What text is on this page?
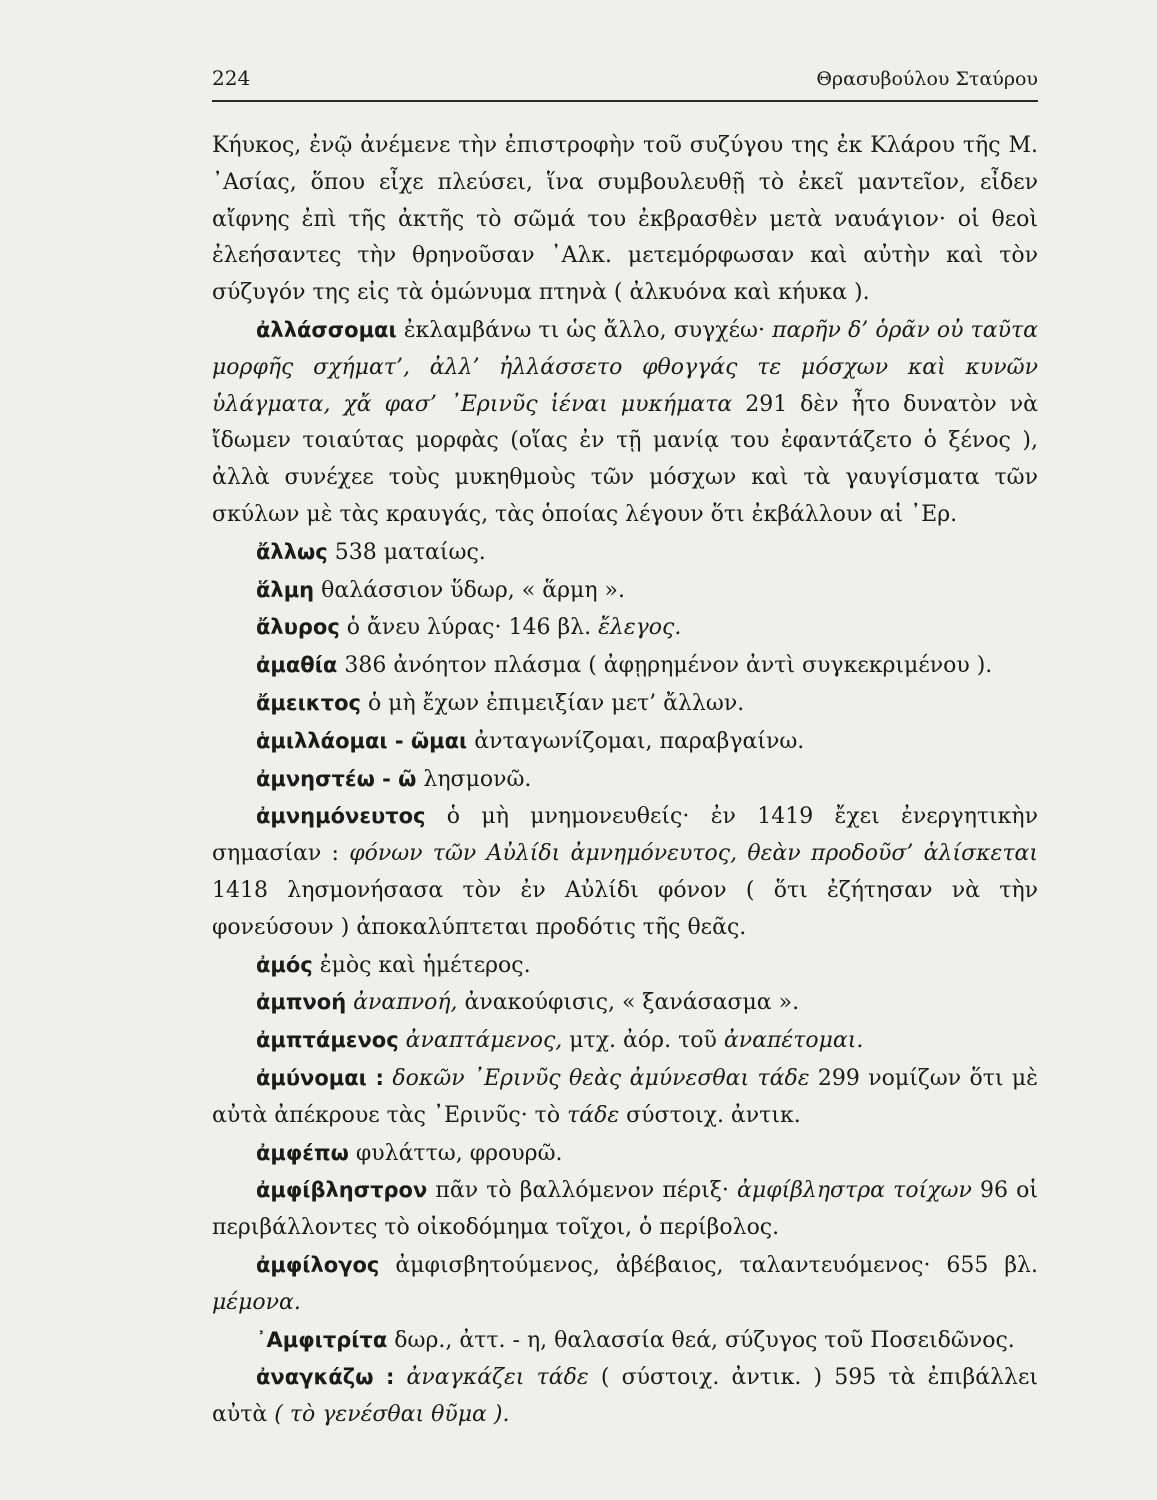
224	Θρασυβούλου Σταύρου

Κήυκος, ἐνῷ ἀνέμενε τὴν ἐπιστροφὴν τοῦ συζύγου της ἐκ Κλάρου τῆς Μ. ᾿Ασίας, ὅπου εἶχε πλεύσει, ἵνα συμβουλευθῇ τὸ ἐκεῖ μαντεῖον, εἶδεν αἴφνης ἐπὶ τῆς ἀκτῆς τὸ σῶμά του ἐκβρασθὲν μετὰ ναυάγιον· οἱ θεοὶ ἐλεήσαντες τὴν θρηνοῦσαν ᾿Αλκ. μετεμόρφωσαν καὶ αὐτὴν καὶ τὸν σύζυγόν της εἰς τὰ ὁμώνυμα πτηνὰ ( ἀλκυόνα καὶ κήυκα ).

ἀλλάσσομαι ἐκλαμβάνω τι ὡς ἄλλο, συγχέω· παρῆν δ’ ὁρᾶν οὐ ταῦτα μορφῆς σχήματ’, ἀλλ’ ἠλλάσσετο φθογγάς τε μόσχων καὶ κυνῶν ὑλάγματα, χἄ φασ’ ᾿Ερινῦς ἱέναι μυκήματα 291 δὲν ἦτο δυνατὸν νὰ ἴδωμεν τοιαύτας μορφὰς (οἵας ἐν τῇ μανίᾳ του ἐφαντάζετο ὁ ξένος ), ἀλλὰ συνέχεε τοὺς μυκηθμοὺς τῶν μόσχων καὶ τὰ γαυγίσματα τῶν σκύλων μὲ τὰς κραυγάς, τὰς ὁποίας λέγουν ὅτι ἐκβάλλουν αἱ ᾿Ερ.

ἄλλως 538 ματαίως.

ἅλμη θαλάσσιον ὕδωρ, « ἅρμη ».

ἄλυρος ὁ ἄνευ λύρας· 146 βλ. ἔλεγος.

ἀμαθία 386 ἀνόητον πλάσμα ( ἀφῃρημένον ἀντὶ συγκεκριμένου ).

ἄμεικτος ὁ μὴ ἔχων ἐπιμειξίαν μετ’ ἄλλων.

ἁμιλλάομαι - ῶμαι ἀνταγωνίζομαι, παραβγαίνω.

ἀμνηστέω - ῶ λησμονῶ.

ἀμνημόνευτος ὁ μὴ μνημονευθείς· ἐν 1419 ἔχει ἐνεργητικὴν σημασίαν : φόνων τῶν Αὐλίδι ἀμνημόνευτος, θεὰν προδοῦσ’ ἁλίσκεται 1418 λησμονήσασα τὸν ἐν Αὐλίδι φόνον ( ὅτι ἐζήτησαν νὰ τὴν φονεύσουν ) ἀποκαλύπτεται προδότις τῆς θεᾶς.

ἀμός ἐμὸς καὶ ἡμέτερος.

ἀμπνοή ἀναπνοή, ἀνακούφισις, « ξανάσασμα ».

ἀμπτάμενος ἀναπτάμενος, μτχ. ἀόρ. τοῦ ἀναπέτομαι.

ἀμύνομαι : δοκῶν ᾿Ερινῦς θεὰς ἀμύνεσθαι τάδε 299 νομίζων ὅτι μὲ αὐτὰ ἀπέκρουε τὰς ᾿Ερινῦς· τὸ τάδε σύστοιχ. ἀντικ.

ἀμφέπω φυλάττω, φρουρῶ.

ἀμφίβληστρον πᾶν τὸ βαλλόμενον πέριξ· ἀμφίβληστρα τοίχων 96 οἱ περιβάλλοντες τὸ οἰκοδόμημα τοῖχοι, ὁ περίβολος.

ἀμφίλογος ἀμφισβητούμενος, ἀβέβαιος, ταλαντευόμενος· 655 βλ. μέμονα.

᾿Αμφιτρίτα δωρ., ἀττ. - η, θαλασσία θεά, σύζυγος τοῦ Ποσειδῶνος.

ἀναγκάζω : ἀναγκάζει τάδε ( σύστοιχ. ἀντικ. ) 595 τὰ ἐπιβάλλει αὐτὰ ( τὸ γενέσθαι θῦμα ).
